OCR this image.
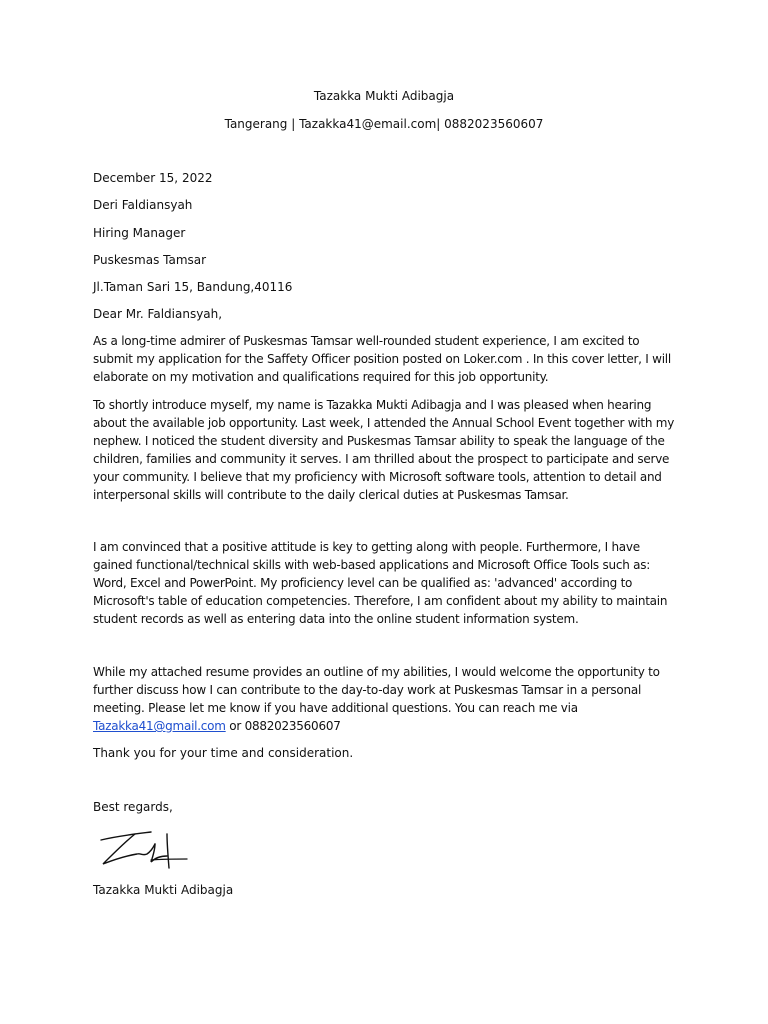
Tazakka Mukti Adibagja
Tangerang | Tazakka41@email.com| 0882023560607
December 15, 2022
Deri Faldiansyah
Hiring Manager
Puskesmas Tamsar
Jl.Taman Sari 15, Bandung,40116
Dear Mr. Faldiansyah,
As a long-time admirer of Puskesmas Tamsar well-rounded student experience, I am excited to
submit my application for the Saffety Officer position posted on Loker.com . In this cover letter, I will
elaborate on my motivation and qualifications required for this job opportunity.
To shortly introduce myself, my name is Tazakka Mukti Adibagja and I was pleased when hearing
about the available job opportunity. Last week, I attended the Annual School Event together with my
nephew. I noticed the student diversity and Puskesmas Tamsar ability to speak the language of the
children, families and community it serves. I am thrilled about the prospect to participate and serve
your community. I believe that my proficiency with Microsoft software tools, attention to detail and
interpersonal skills will contribute to the daily clerical duties at Puskesmas Tamsar.
I am convinced that a positive attitude is key to getting along with people. Furthermore, I have
gained functional/technical skills with web-based applications and Microsoft Office Tools such as:
Word, Excel and PowerPoint. My proficiency level can be qualified as: 'advanced' according to
Microsoft's table of education competencies. Therefore, I am confident about my ability to maintain
student records as well as entering data into the online student information system.
While my attached resume provides an outline of my abilities, I would welcome the opportunity to
further discuss how I can contribute to the day-to-day work at Puskesmas Tamsar in a personal
meeting. Please let me know if you have additional questions. You can reach me via
Tazakka41@gmail.com or 0882023560607
Thank you for your time and consideration.
Best regards,
Tazakka Mukti Adibagja
